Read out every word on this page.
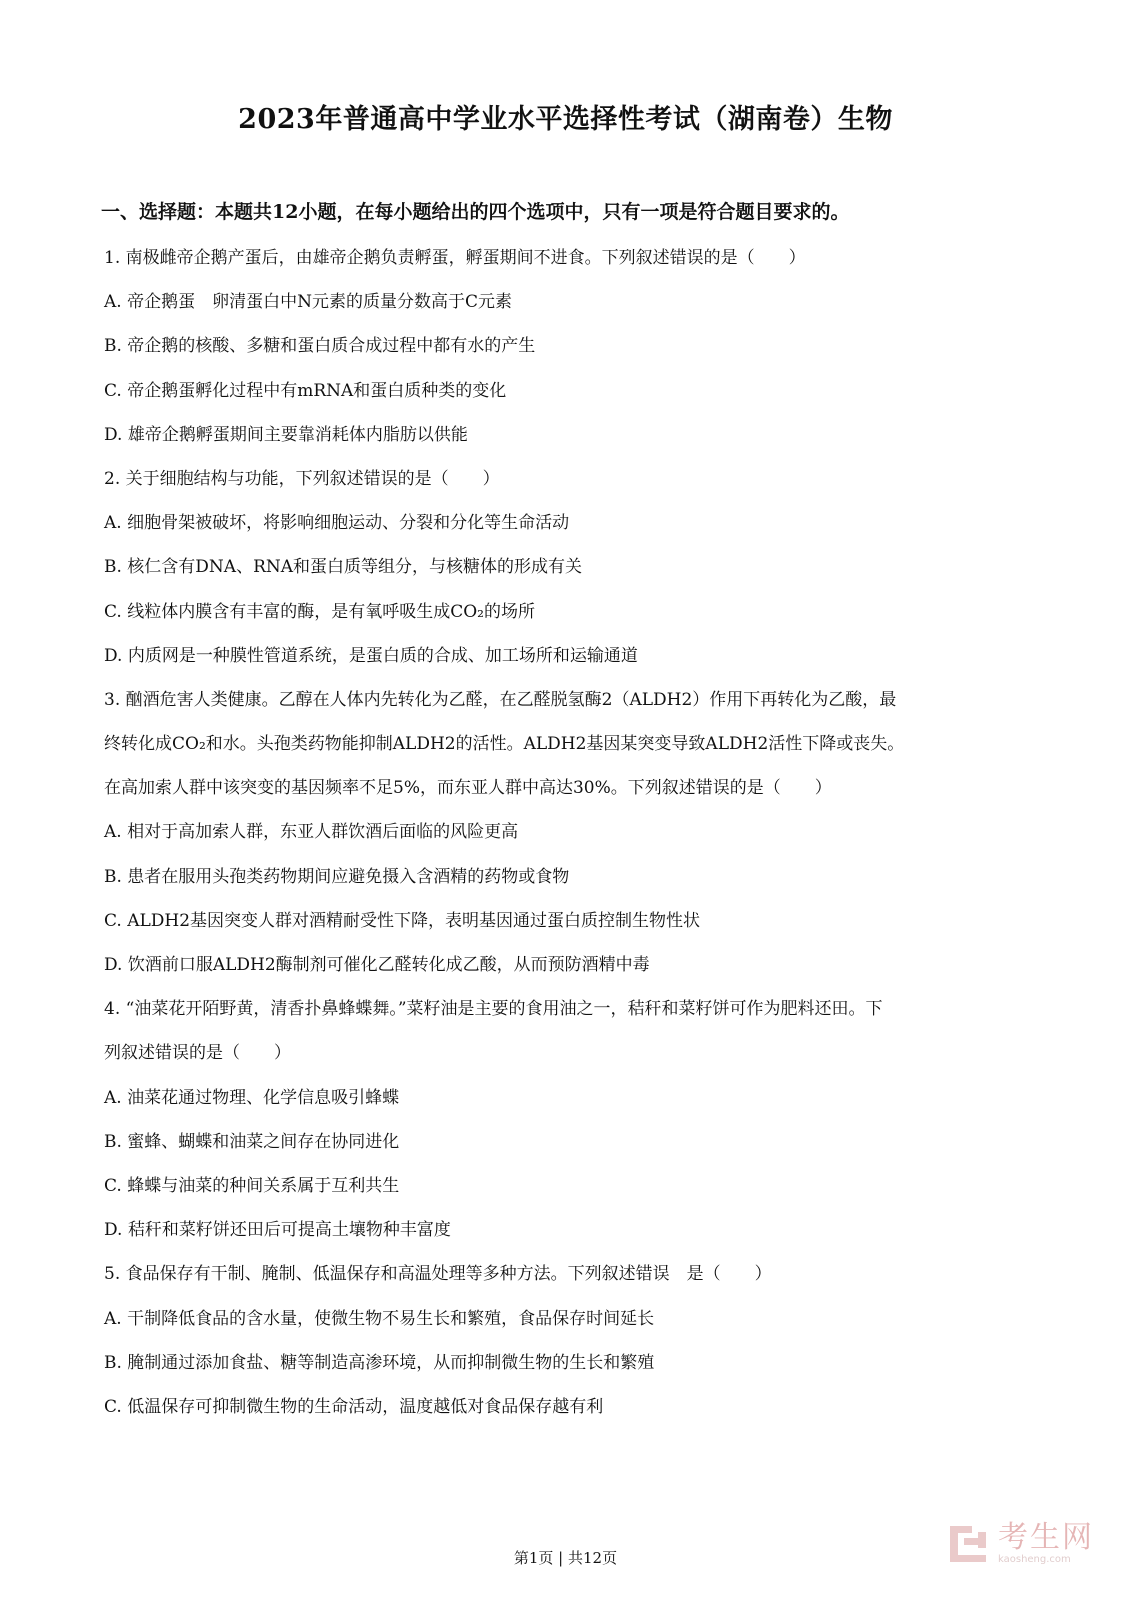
2023年普通高中学业水平选择性考试（湖南卷）生物
一、选择题：本题共12小题，在每小题给出的四个选项中，只有一项是符合题目要求的。
1. 南极雌帝企鹅产蛋后，由雄帝企鹅负责孵蛋，孵蛋期间不进食。下列叙述错误的是（　　）
A. 帝企鹅蛋　卵清蛋白中N元素的质量分数高于C元素
B. 帝企鹅的核酸、多糖和蛋白质合成过程中都有水的产生
C. 帝企鹅蛋孵化过程中有mRNA和蛋白质种类的变化
D. 雄帝企鹅孵蛋期间主要靠消耗体内脂肪以供能
2. 关于细胞结构与功能，下列叙述错误的是（　　）
A. 细胞骨架被破坏，将影响细胞运动、分裂和分化等生命活动
B. 核仁含有DNA、RNA和蛋白质等组分，与核糖体的形成有关
C. 线粒体内膜含有丰富的酶，是有氧呼吸生成CO₂的场所
D. 内质网是一种膜性管道系统，是蛋白质的合成、加工场所和运输通道
3. 酗酒危害人类健康。乙醇在人体内先转化为乙醛，在乙醛脱氢酶2（ALDH2）作用下再转化为乙酸，最
终转化成CO₂和水。头孢类药物能抑制ALDH2的活性。ALDH2基因某突变导致ALDH2活性下降或丧失。
在高加索人群中该突变的基因频率不足5%，而东亚人群中高达30%。下列叙述错误的是（　　）
A. 相对于高加索人群，东亚人群饮酒后面临的风险更高
B. 患者在服用头孢类药物期间应避免摄入含酒精的药物或食物
C. ALDH2基因突变人群对酒精耐受性下降，表明基因通过蛋白质控制生物性状
D. 饮酒前口服ALDH2酶制剂可催化乙醛转化成乙酸，从而预防酒精中毒
4. “油菜花开陌野黄，清香扑鼻蜂蝶舞。”菜籽油是主要的食用油之一，秸秆和菜籽饼可作为肥料还田。下
列叙述错误的是（　　）
A. 油菜花通过物理、化学信息吸引蜂蝶
B. 蜜蜂、蝴蝶和油菜之间存在协同进化
C. 蜂蝶与油菜的种间关系属于互利共生
D. 秸秆和菜籽饼还田后可提高土壤物种丰富度
5. 食品保存有干制、腌制、低温保存和高温处理等多种方法。下列叙述错误　是（　　）
A. 干制降低食品的含水量，使微生物不易生长和繁殖，食品保存时间延长
B. 腌制通过添加食盐、糖等制造高渗环境，从而抑制微生物的生长和繁殖
C. 低温保存可抑制微生物的生命活动，温度越低对食品保存越有利
考生网
kaosheng.com
第1页 | 共12页
